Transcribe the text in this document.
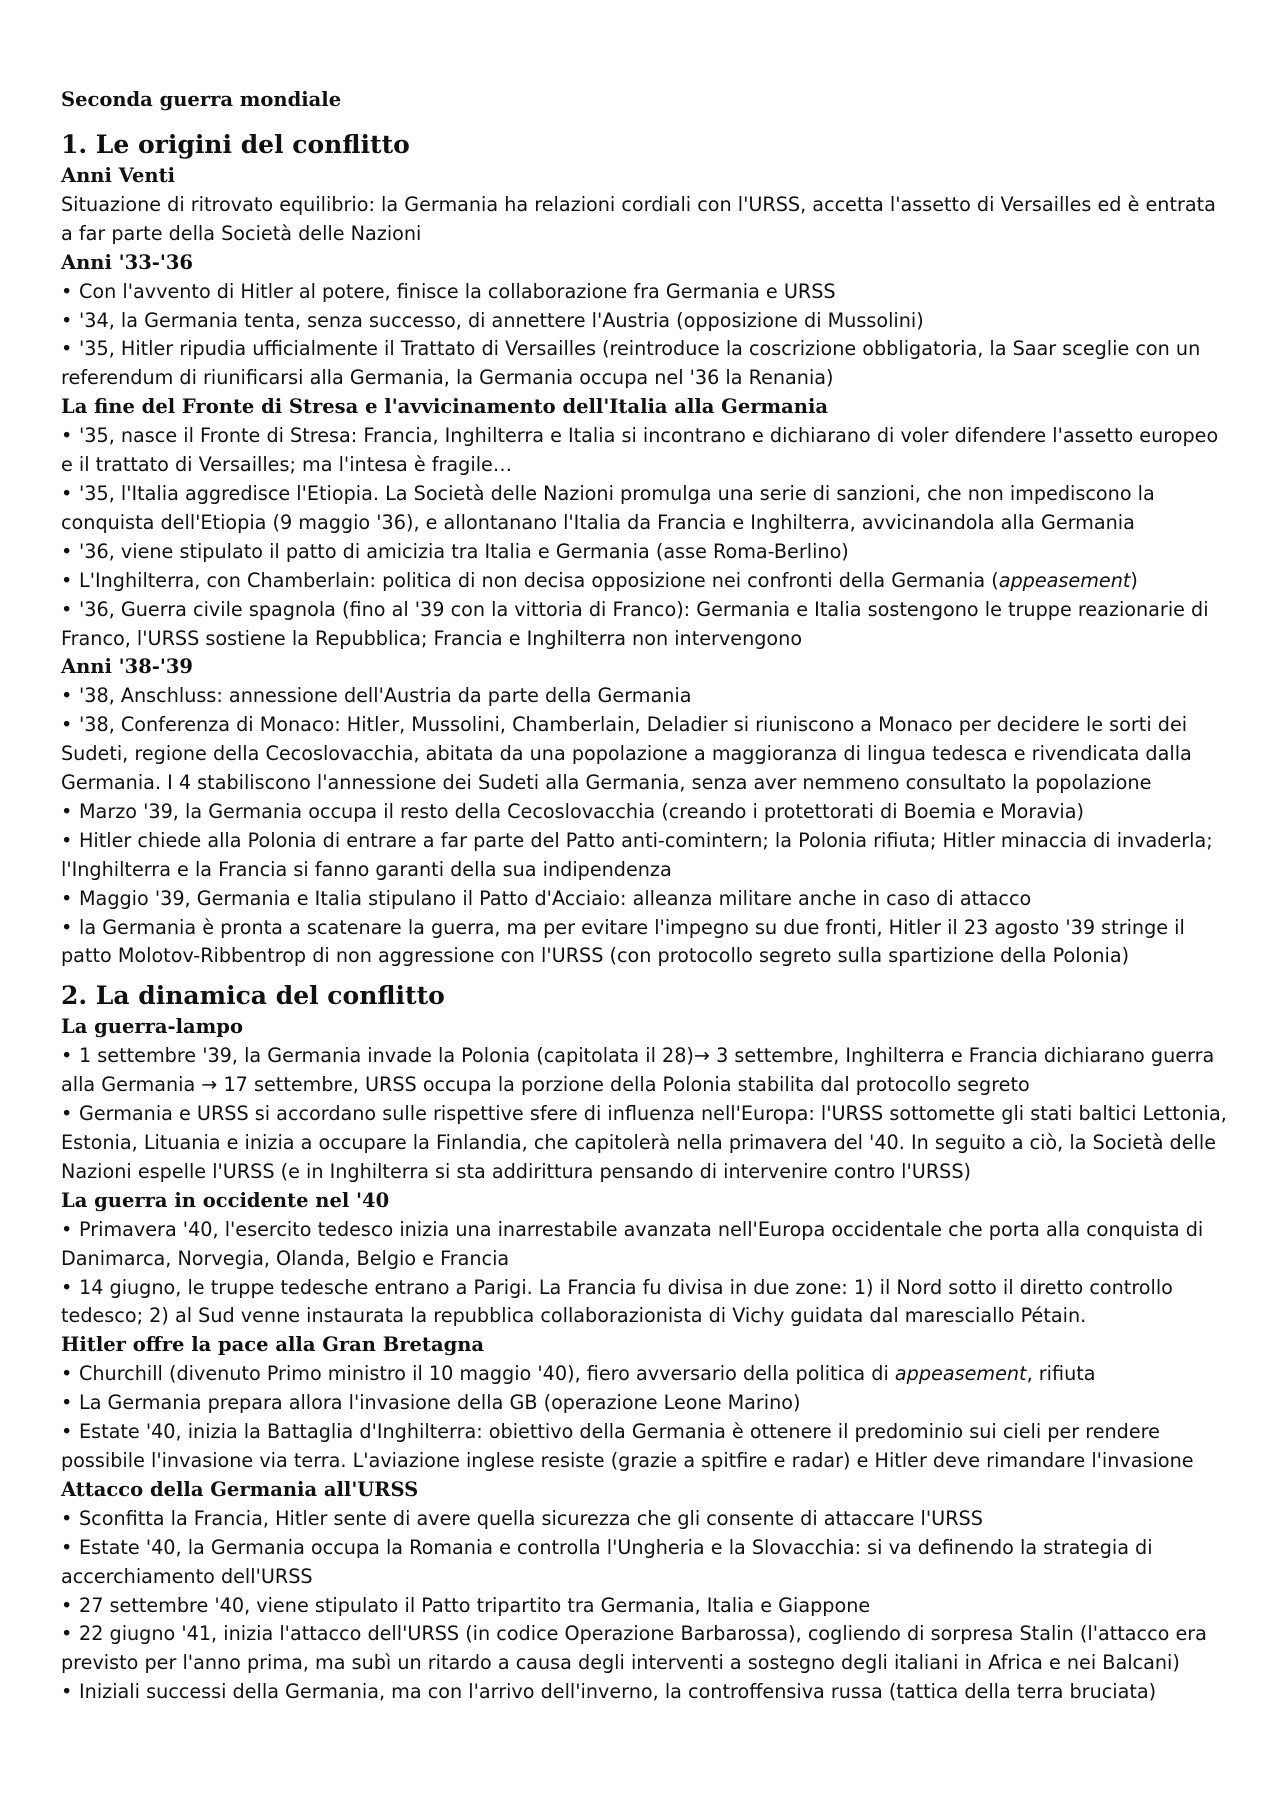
Seconda guerra mondiale
1. Le origini del conflitto
Anni Venti

Situazione di ritrovato equilibrio: la Germania ha relazioni cordiali con l'URSS, accetta l'assetto di Versailles ed è entrata a far parte della Società delle Nazioni

Anni '33-'36
• Con l'avvento di Hitler al potere, finisce la collaborazione fra Germania e URSS
• '34, la Germania tenta, senza successo, di annettere l'Austria (opposizione di Mussolini)
• '35, Hitler ripudia ufficialmente il Trattato di Versailles (reintroduce la coscrizione obbligatoria, la Saar sceglie con un referendum di riunificarsi alla Germania, la Germania occupa nel '36 la Renania)
La fine del Fronte di Stresa e l'avvicinamento dell'Italia alla Germania
• '35, nasce il Fronte di Stresa: Francia, Inghilterra e Italia si incontrano e dichiarano di voler difendere l'assetto europeo e il trattato di Versailles; ma l'intesa è fragile…
• '35, l'Italia aggredisce l'Etiopia. La Società delle Nazioni promulga una serie di sanzioni, che non impediscono la conquista dell'Etiopia (9 maggio '36), e allontanano l'Italia da Francia e Inghilterra, avvicinandola alla Germania
• '36, viene stipulato il patto di amicizia tra Italia e Germania (asse Roma-Berlino)
• L'Inghilterra, con Chamberlain: politica di non decisa opposizione nei confronti della Germania (appeasement)
• '36, Guerra civile spagnola (fino al '39 con la vittoria di Franco): Germania e Italia sostengono le truppe reazionarie di Franco, l'URSS sostiene la Repubblica; Francia e Inghilterra non intervengono
Anni '38-'39
• '38, Anschluss: annessione dell'Austria da parte della Germania
• '38, Conferenza di Monaco: Hitler, Mussolini, Chamberlain, Deladier si riuniscono a Monaco per decidere le sorti dei Sudeti, regione della Cecoslovacchia, abitata da una popolazione a maggioranza di lingua tedesca e rivendicata dalla Germania. I 4 stabiliscono l'annessione dei Sudeti alla Germania, senza aver nemmeno consultato la popolazione
• Marzo '39, la Germania occupa il resto della Cecoslovacchia (creando i protettorati di Boemia e Moravia)
• Hitler chiede alla Polonia di entrare a far parte del Patto anti-comintern; la Polonia rifiuta; Hitler minaccia di invaderla; l'Inghilterra e la Francia si fanno garanti della sua indipendenza
• Maggio '39, Germania e Italia stipulano il Patto d'Acciaio: alleanza militare anche in caso di attacco
• la Germania è pronta a scatenare la guerra, ma per evitare l'impegno su due fronti, Hitler il 23 agosto '39 stringe il patto Molotov-Ribbentrop di non aggressione con l'URSS (con protocollo segreto sulla spartizione della Polonia)
2. La dinamica del conflitto
La guerra-lampo
• 1 settembre '39, la Germania invade la Polonia (capitolata il 28)→ 3 settembre, Inghilterra e Francia dichiarano guerra alla Germania → 17 settembre, URSS occupa la porzione della Polonia stabilita dal protocollo segreto
• Germania e URSS si accordano sulle rispettive sfere di influenza nell'Europa: l'URSS sottomette gli stati baltici Lettonia, Estonia, Lituania e inizia a occupare la Finlandia, che capitolerà nella primavera del '40. In seguito a ciò, la Società delle Nazioni espelle l'URSS (e in Inghilterra si sta addirittura pensando di intervenire contro l'URSS)
La guerra in occidente nel '40
• Primavera '40, l'esercito tedesco inizia una inarrestabile avanzata nell'Europa occidentale che porta alla conquista di Danimarca, Norvegia, Olanda, Belgio e Francia
• 14 giugno, le truppe tedesche entrano a Parigi. La Francia fu divisa in due zone: 1) il Nord sotto il diretto controllo tedesco; 2) al Sud venne instaurata la repubblica collaborazionista di Vichy guidata dal maresciallo Pétain.
Hitler offre la pace alla Gran Bretagna
• Churchill (divenuto Primo ministro il 10 maggio '40), fiero avversario della politica di appeasement, rifiuta
• La Germania prepara allora l'invasione della GB (operazione Leone Marino)
• Estate '40, inizia la Battaglia d'Inghilterra: obiettivo della Germania è ottenere il predominio sui cieli per rendere possibile l'invasione via terra. L'aviazione inglese resiste (grazie a spitfire e radar) e Hitler deve rimandare l'invasione
Attacco della Germania all'URSS
• Sconfitta la Francia, Hitler sente di avere quella sicurezza che gli consente di attaccare l'URSS
• Estate '40, la Germania occupa la Romania e controlla l'Ungheria e la Slovacchia: si va definendo la strategia di accerchiamento dell'URSS
• 27 settembre '40, viene stipulato il Patto tripartito tra Germania, Italia e Giappone
• 22 giugno '41, inizia l'attacco dell'URSS (in codice Operazione Barbarossa), cogliendo di sorpresa Stalin (l'attacco era previsto per l'anno prima, ma subì un ritardo a causa degli interventi a sostegno degli italiani in Africa e nei Balcani)
• Iniziali successi della Germania, ma con l'arrivo dell'inverno, la controffensiva russa (tattica della terra bruciata)
